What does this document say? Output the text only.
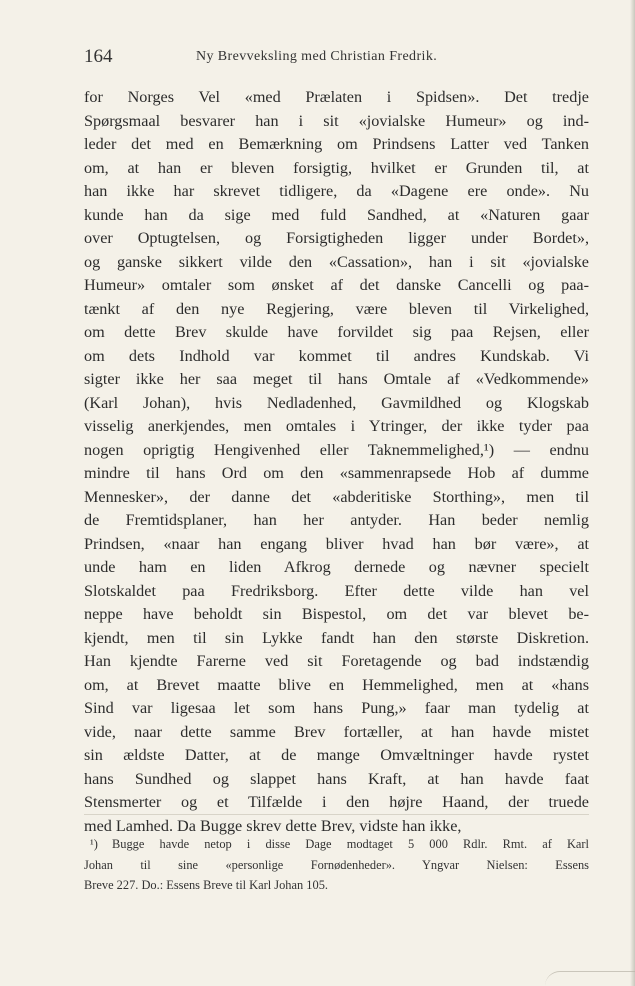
164	Ny Brevveksling med Christian Fredrik.
for Norges Vel «med Prælaten i Spidsen». Det tredje
Spørgsmaal besvarer han i sit «jovialske Humeur» og ind-
leder det med en Bemærkning om Prindsens Latter ved Tanken
om, at han er bleven forsigtig, hvilket er Grunden til, at
han ikke har skrevet tidligere, da «Dagene ere onde». Nu
kunde han da sige med fuld Sandhed, at «Naturen gaar
over Optugtelsen, og Forsigtigheden ligger under Bordet»,
og ganske sikkert vilde den «Cassation», han i sit «jovialske
Humeur» omtaler som ønsket af det danske Cancelli og paa-
tænkt af den nye Regjering, være bleven til Virkelighed,
om dette Brev skulde have forvildet sig paa Rejsen, eller
om dets Indhold var kommet til andres Kundskab. Vi
sigter ikke her saa meget til hans Omtale af «Vedkommende»
(Karl Johan), hvis Nedladenhed, Gavmildhed og Klogskab
visselig anerkjendes, men omtales i Ytringer, der ikke tyder paa
nogen oprigtig Hengivenhed eller Taknemmelighed,¹) — endnu
mindre til hans Ord om den «sammenrapsede Hob af dumme
Mennesker», der danne det «abderitiske Storthing», men til
de Fremtidsplaner, han her antyder. Han beder nemlig
Prindsen, «naar han engang bliver hvad han bør være», at
unde ham en liden Afkrog dernede og nævner specielt
Slotskaldet paa Fredriksborg. Efter dette vilde han vel
neppe have beholdt sin Bispestol, om det var blevet be-
kjendt, men til sin Lykke fandt han den største Diskretion.
Han kjendte Farerne ved sit Foretagende og bad indstændig
om, at Brevet maatte blive en Hemmelighed, men at «hans
Sind var ligesaa let som hans Pung,» faar man tydelig at
vide, naar dette samme Brev fortæller, at han havde mistet
sin ældste Datter, at de mange Omvæltninger havde rystet
hans Sundhed og slappet hans Kraft, at han havde faat
Stensmerter og et Tilfælde i den højre Haand, der truede
med Lamhed. Da Bugge skrev dette Brev, vidste han ikke,
¹) Bugge havde netop i disse Dage modtaget 5 000 Rdlr. Rmt. af Karl
Johan til sine «personlige Fornødenheder». Yngvar Nielsen: Essens
Breve 227. Do.: Essens Breve til Karl Johan 105.
